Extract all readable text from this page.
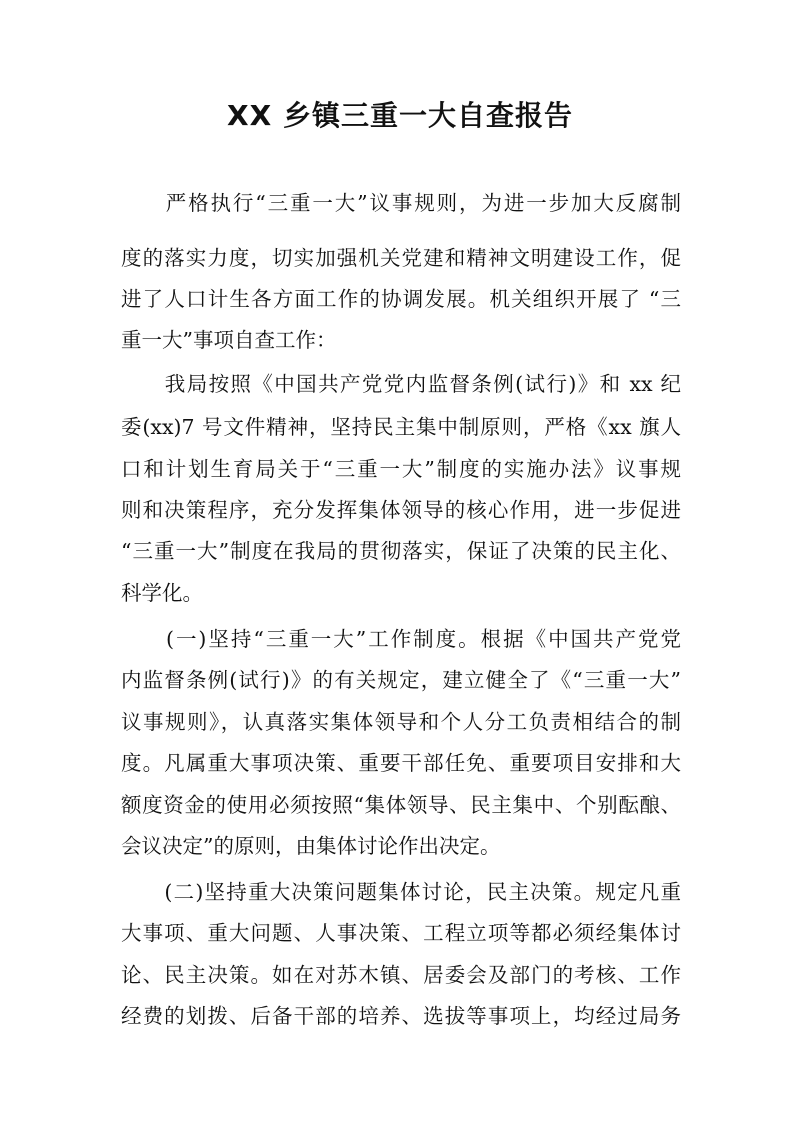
XX 乡镇三重一大自查报告

　　严格执行“三重一大”议事规则，为进一步加大反腐制

度的落实力度，切实加强机关党建和精神文明建设工作，促

进了人口计生各方面工作的协调发展。机关组织开展了 “三

重一大”事项自查工作：

　　我局按照《中国共产党党内监督条例(试行)》和 xx 纪

委(xx)7 号文件精神，坚持民主集中制原则，严格《xx 旗人

口和计划生育局关于“三重一大”制度的实施办法》议事规

则和决策程序，充分发挥集体领导的核心作用，进一步促进

“三重一大”制度在我局的贯彻落实，保证了决策的民主化、

科学化。

　　(一)坚持“三重一大”工作制度。根据《中国共产党党

内监督条例(试行)》的有关规定，建立健全了《“三重一大”

议事规则》，认真落实集体领导和个人分工负责相结合的制

度。凡属重大事项决策、重要干部任免、重要项目安排和大

额度资金的使用必须按照“集体领导、民主集中、个别酝酿、

会议决定”的原则，由集体讨论作出决定。

　　(二)坚持重大决策问题集体讨论，民主决策。规定凡重

大事项、重大问题、人事决策、工程立项等都必须经集体讨

论、民主决策。如在对苏木镇、居委会及部门的考核、工作

经费的划拨、后备干部的培养、选拔等事项上，均经过局务
